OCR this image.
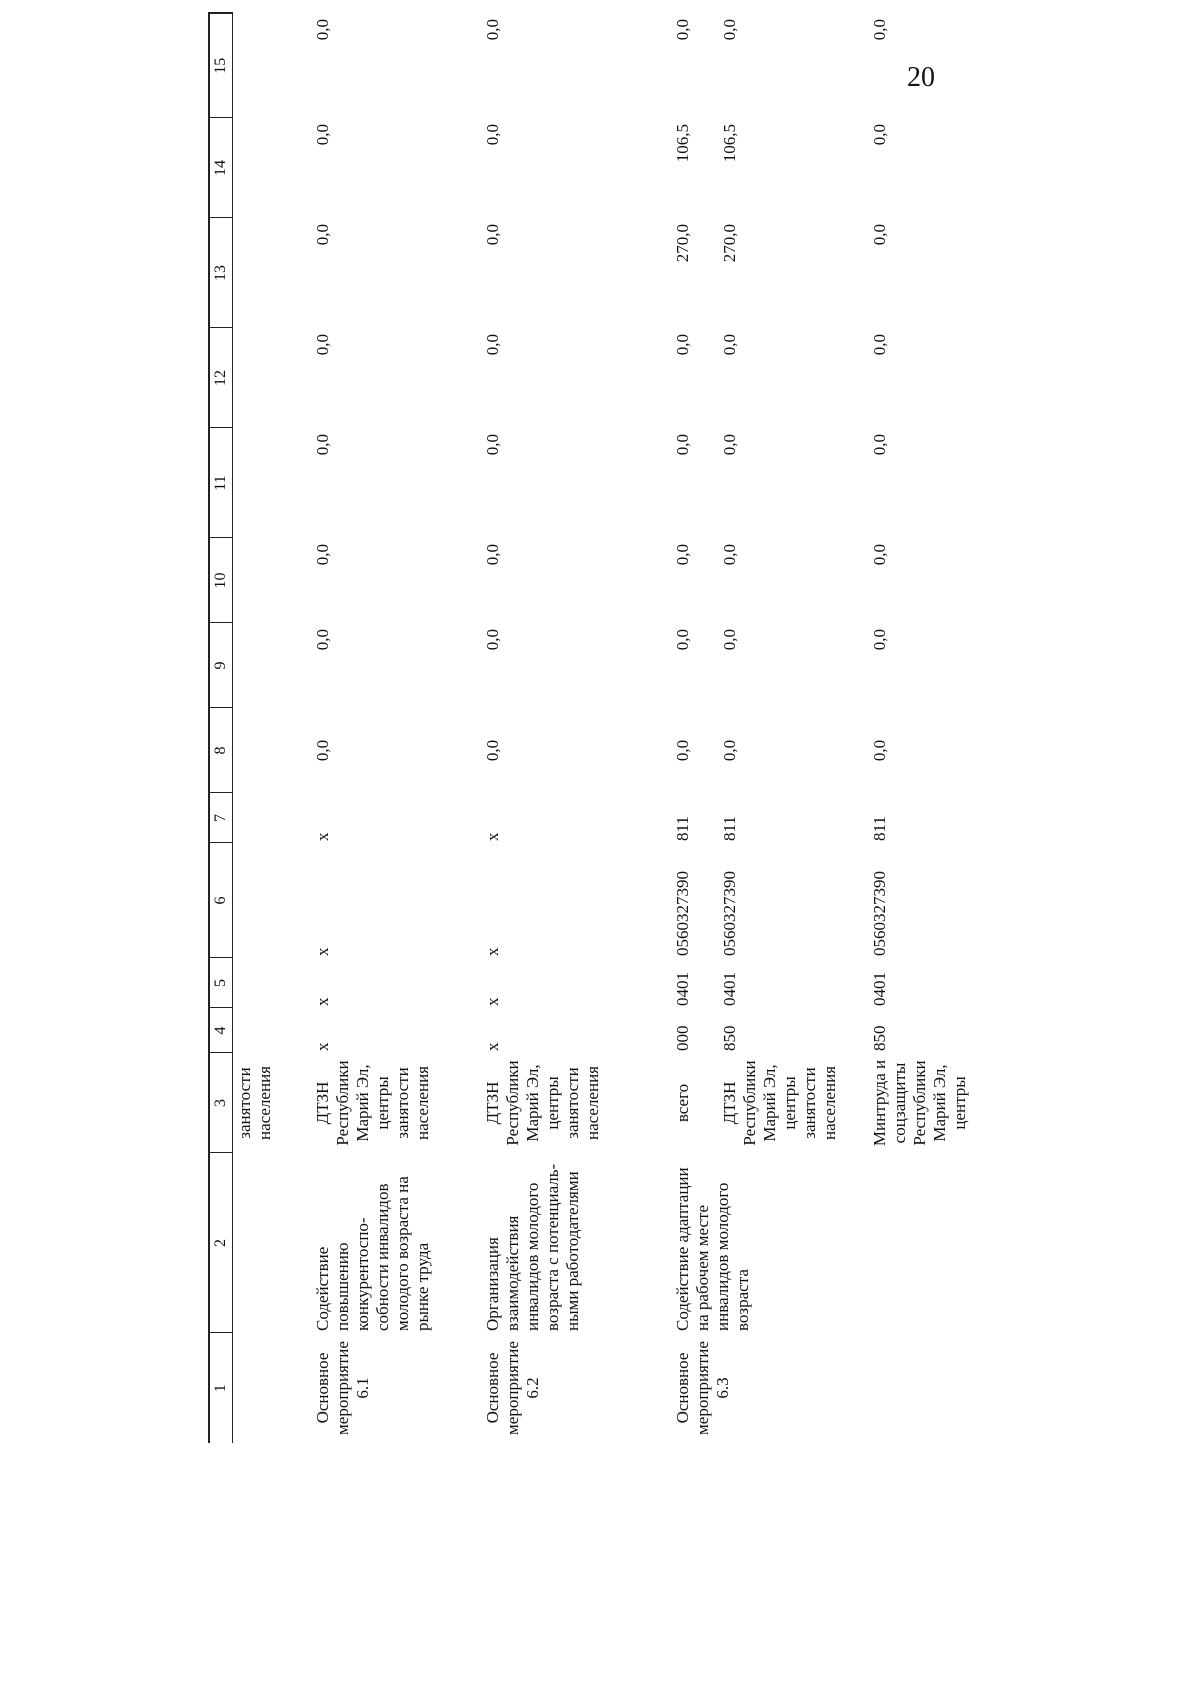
20
1	2	3	4	5	6	7	8	9	10	11	12	13	14	15
		занятости населения												
Основное мероприятие 6.1	Содействие повышению конкурентоспо-собности инвалидов молодого возраста на рынке труда	ДТЗН Республики Марий Эл, центры занятости населения	x	x	x	x	0,0	0,0	0,0	0,0	0,0	0,0	0,0	0,0
Основное мероприятие 6.2	Организация взаимодействия инвалидов молодого возраста с потенциаль-ными работодателями	ДТЗН Республики Марий Эл, центры занятости населения	x	x	x	x	0,0	0,0	0,0	0,0	0,0	0,0	0,0	0,0
Основное мероприятие 6.3	Содействие адаптации на рабочем месте инвалидов молодого возраста	всего	000	0401	0560327390	811	0,0	0,0	0,0	0,0	0,0	270,0	106,5	0,0
		ДТЗН Республики Марий Эл, центры занятости населения	850	0401	0560327390	811	0,0	0,0	0,0	0,0	0,0	270,0	106,5	0,0
		Минтруда и соцзащиты Республики Марий Эл, центры	850	0401	0560327390	811	0,0	0,0	0,0	0,0	0,0	0,0	0,0	0,0
